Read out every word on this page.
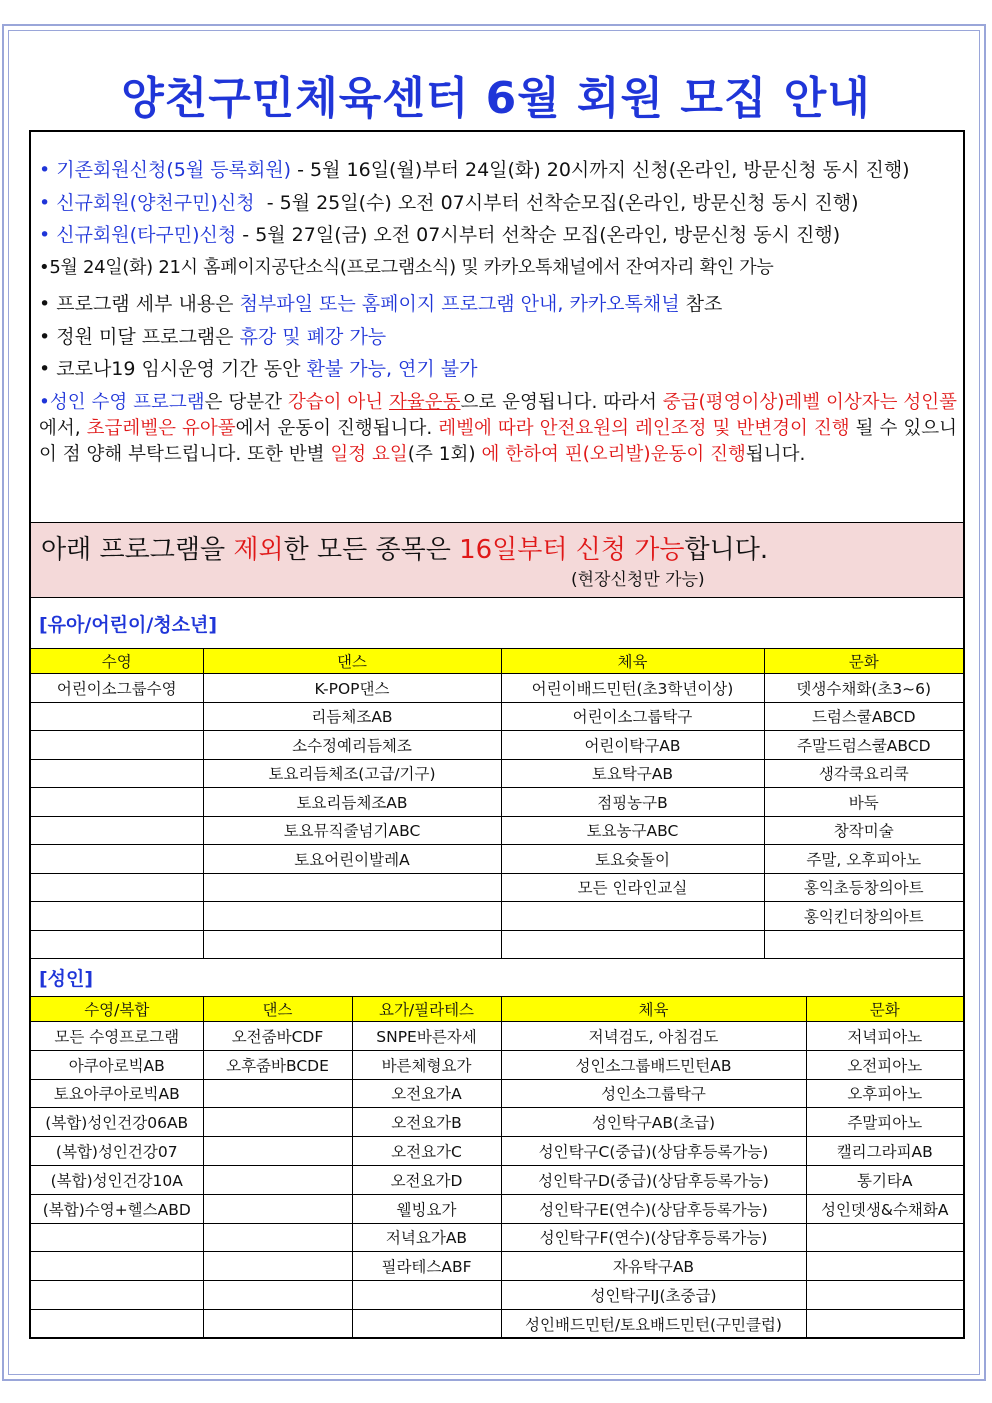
양천구민체육센터 6월 회원 모집 안내
• 기존회원신청(5월 등록회원) - 5월 16일(월)부터 24일(화) 20시까지 신청(온라인, 방문신청 동시 진행)
• 신규회원(양천구민)신청  - 5월 25일(수) 오전 07시부터 선착순모집(온라인, 방문신청 동시 진행)
• 신규회원(타구민)신청 - 5월 27일(금) 오전 07시부터 선착순 모집(온라인, 방문신청 동시 진행)
•5월 24일(화) 21시 홈페이지공단소식(프로그램소식) 및 카카오톡채널에서 잔여자리 확인 가능
• 프로그램 세부 내용은 첨부파일 또는 홈페이지 프로그램 안내, 카카오톡채널 참조
• 정원 미달 프로그램은 휴강 및 폐강 가능
• 코로나19 임시운영 기간 동안 환불 가능, 연기 불가
•성인 수영 프로그램은 당분간 강습이 아닌 자율운동으로 운영됩니다. 따라서 중급(평영이상)레벨 이상자는 성인풀에서, 초급레벨은 유아풀에서 운동이 진행됩니다. 레벨에 따라 안전요원의 레인조정 및 반변경이 진행 될 수 있으니 이 점 양해 부탁드립니다. 또한 반별 일정 요일(주 1회) 에 한하여 핀(오리발)운동이 진행됩니다.
아래 프로그램을 제외한 모든 종목은 16일부터 신청 가능합니다.
(현장신청만 가능)
[유아/어린이/청소년]
수영	댄스	체육	문화
어린이소그룹수영	K-POP댄스	어린이배드민턴(초3학년이상)	뎃생수채화(초3~6)
	리듬체조AB	어린이소그룹탁구	드럼스쿨ABCD
	소수정예리듬체조	어린이탁구AB	주말드럼스쿨ABCD
	토요리듬체조(고급/기구)	토요탁구AB	생각쿡요리쿡
	토요리듬체조AB	점핑농구B	바둑
	토요뮤직줄넘기ABC	토요농구ABC	창작미술
	토요어린이발레A	토요슛돌이	주말, 오후피아노
		모든 인라인교실	홍익초등창의아트
			홍익킨더창의아트

[성인]
수영/복합	댄스	요가/필라테스	체육	문화
모든 수영프로그램	오전줌바CDF	SNPE바른자세	저녁검도, 아침검도	저녁피아노
아쿠아로빅AB	오후줌바BCDE	바른체형요가	성인소그룹배드민턴AB	오전피아노
토요아쿠아로빅AB		오전요가A	성인소그룹탁구	오후피아노
(복합)성인건강06AB		오전요가B	성인탁구AB(초급)	주말피아노
(복합)성인건강07		오전요가C	성인탁구C(중급)(상담후등록가능)	캘리그라피AB
(복합)성인건강10A		오전요가D	성인탁구D(중급)(상담후등록가능)	통기타A
(복합)수영+헬스ABD		웰빙요가	성인탁구E(연수)(상담후등록가능)	성인뎃생&수채화A
		저녁요가AB	성인탁구F(연수)(상담후등록가능)	
		필라테스ABF	자유탁구AB	
			성인탁구IJ(초중급)	
			성인배드민턴/토요배드민턴(구민클럽)	
